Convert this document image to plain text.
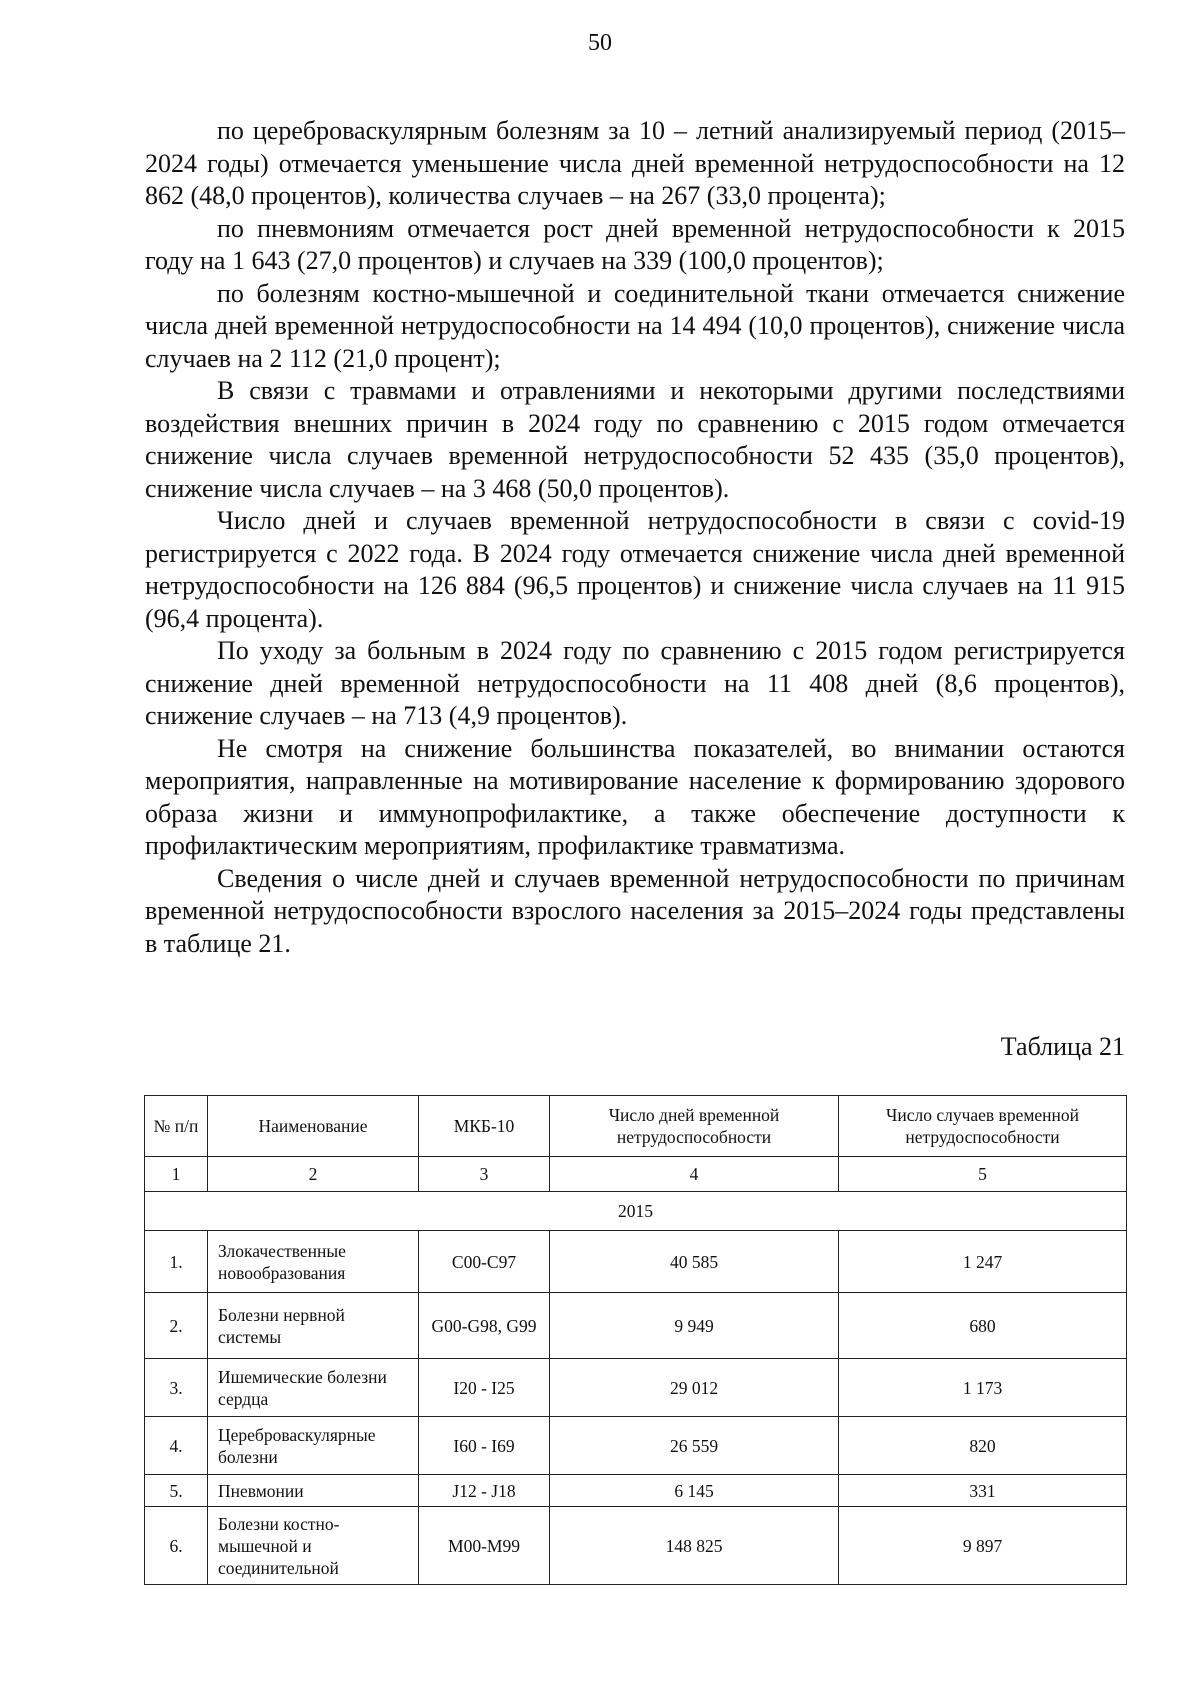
50

по цереброваскулярным болезням за 10 – летний анализируемый период (2015–2024 годы) отмечается уменьшение числа дней временной нетрудоспособности на 12 862 (48,0 процентов), количества случаев – на 267 (33,0 процента);

по пневмониям отмечается рост дней временной нетрудоспособности к 2015 году на 1 643 (27,0 процентов) и случаев на 339 (100,0 процентов);

по болезням костно-мышечной и соединительной ткани отмечается снижение числа дней временной нетрудоспособности на 14 494 (10,0 процентов), снижение числа случаев на 2 112 (21,0 процент);

В связи с травмами и отравлениями и некоторыми другими последствиями воздействия внешних причин в 2024 году по сравнению с 2015 годом отмечается снижение числа случаев временной нетрудоспособности 52 435 (35,0 процентов), снижение числа случаев – на 3 468 (50,0 процентов).

Число дней и случаев временной нетрудоспособности в связи с covid-19 регистрируется с 2022 года. В 2024 году отмечается снижение числа дней временной нетрудоспособности на 126 884 (96,5 процентов) и снижение числа случаев на 11 915 (96,4 процента).

По уходу за больным в 2024 году по сравнению с 2015 годом регистрируется снижение дней временной нетрудоспособности на 11 408 дней (8,6 процентов), снижение случаев – на 713 (4,9 процентов).

Не смотря на снижение большинства показателей, во внимании остаются мероприятия, направленные на мотивирование население к формированию здорового образа жизни и иммунопрофилактике, а также обеспечение доступности к профилактическим мероприятиям, профилактике травматизма.

Сведения о числе дней и случаев временной нетрудоспособности по причинам временной нетрудоспособности взрослого населения за 2015–2024 годы представлены в таблице 21.

Таблица 21
№ п/п	Наименование	МКБ-10	Число дней временной нетрудоспособности	Число случаев временной нетрудоспособности
1	2	3	4	5
2015				
1.	Злокачественные новообразования	C00-C97	40 585	1 247
2.	Болезни нервной системы	G00-G98, G99	9 949	680
3.	Ишемические болезни сердца	I20 - I25	29 012	1 173
4.	Цереброваскулярные болезни	I60 - I69	26 559	820
5.	Пневмонии	J12 - J18	6 145	331
6.	Болезни костно-мышечной и соединительной	M00-M99	148 825	9 897
